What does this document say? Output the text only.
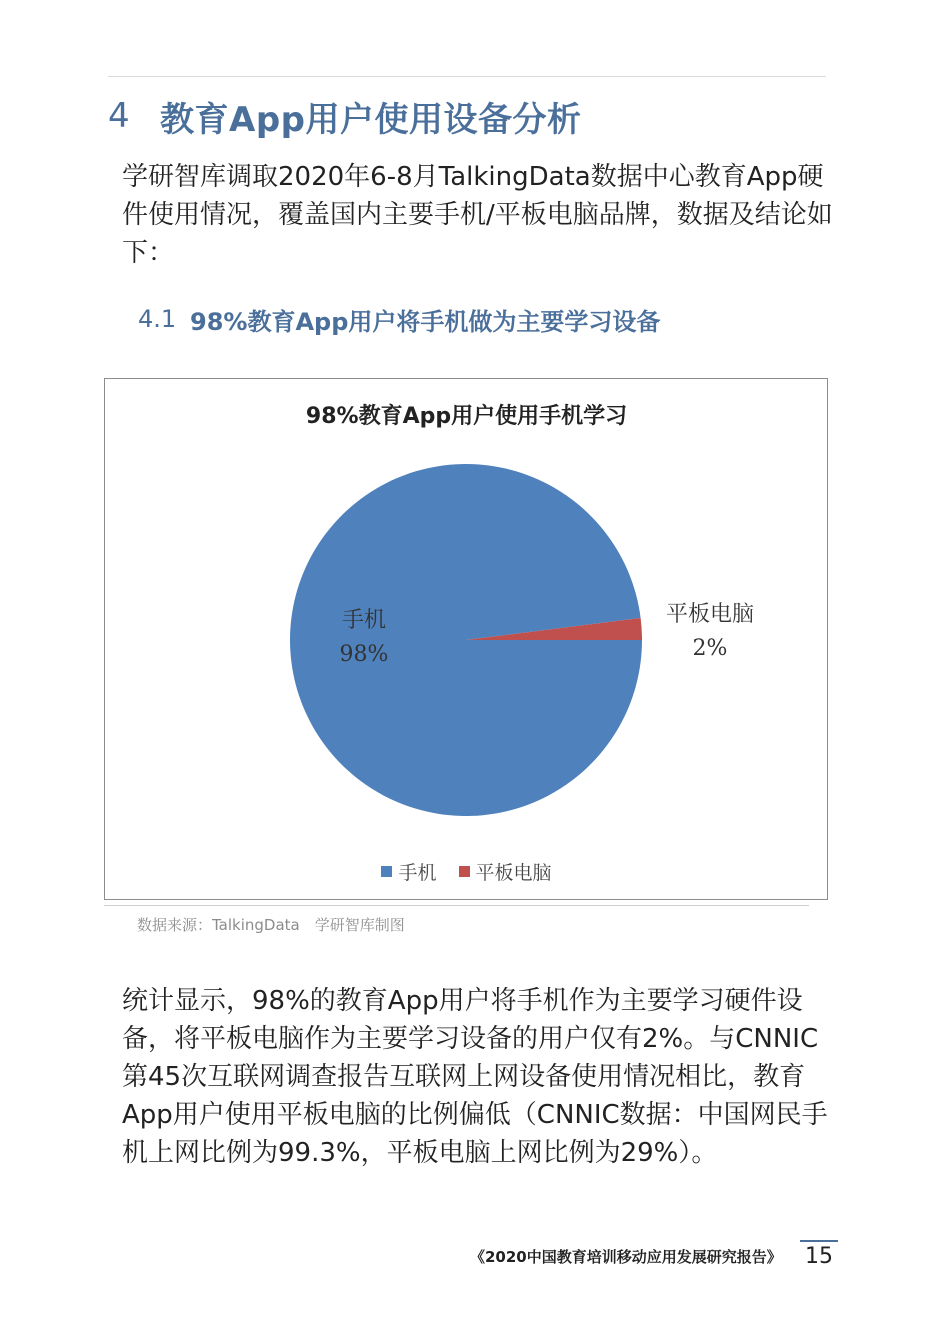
4 教育App用户使用设备分析

学研智库调取2020年6-8月TalkingData数据中心教育App硬件使用情况，覆盖国内主要手机/平板电脑品牌，数据及结论如下：

4.1 98%教育App用户将手机做为主要学习设备
98%教育App用户使用手机学习
手机
98%
平板电脑
2%
手机 平板电脑
数据来源：TalkingData　学研智库制图

统计显示，98%的教育App用户将手机作为主要学习硬件设备，将平板电脑作为主要学习设备的用户仅有2%。与CNNIC第45次互联网调查报告互联网上网设备使用情况相比，教育App用户使用平板电脑的比例偏低（CNNIC数据：中国网民手机上网比例为99.3%，平板电脑上网比例为29%）。

《2020中国教育培训移动应用发展研究报告》 15
